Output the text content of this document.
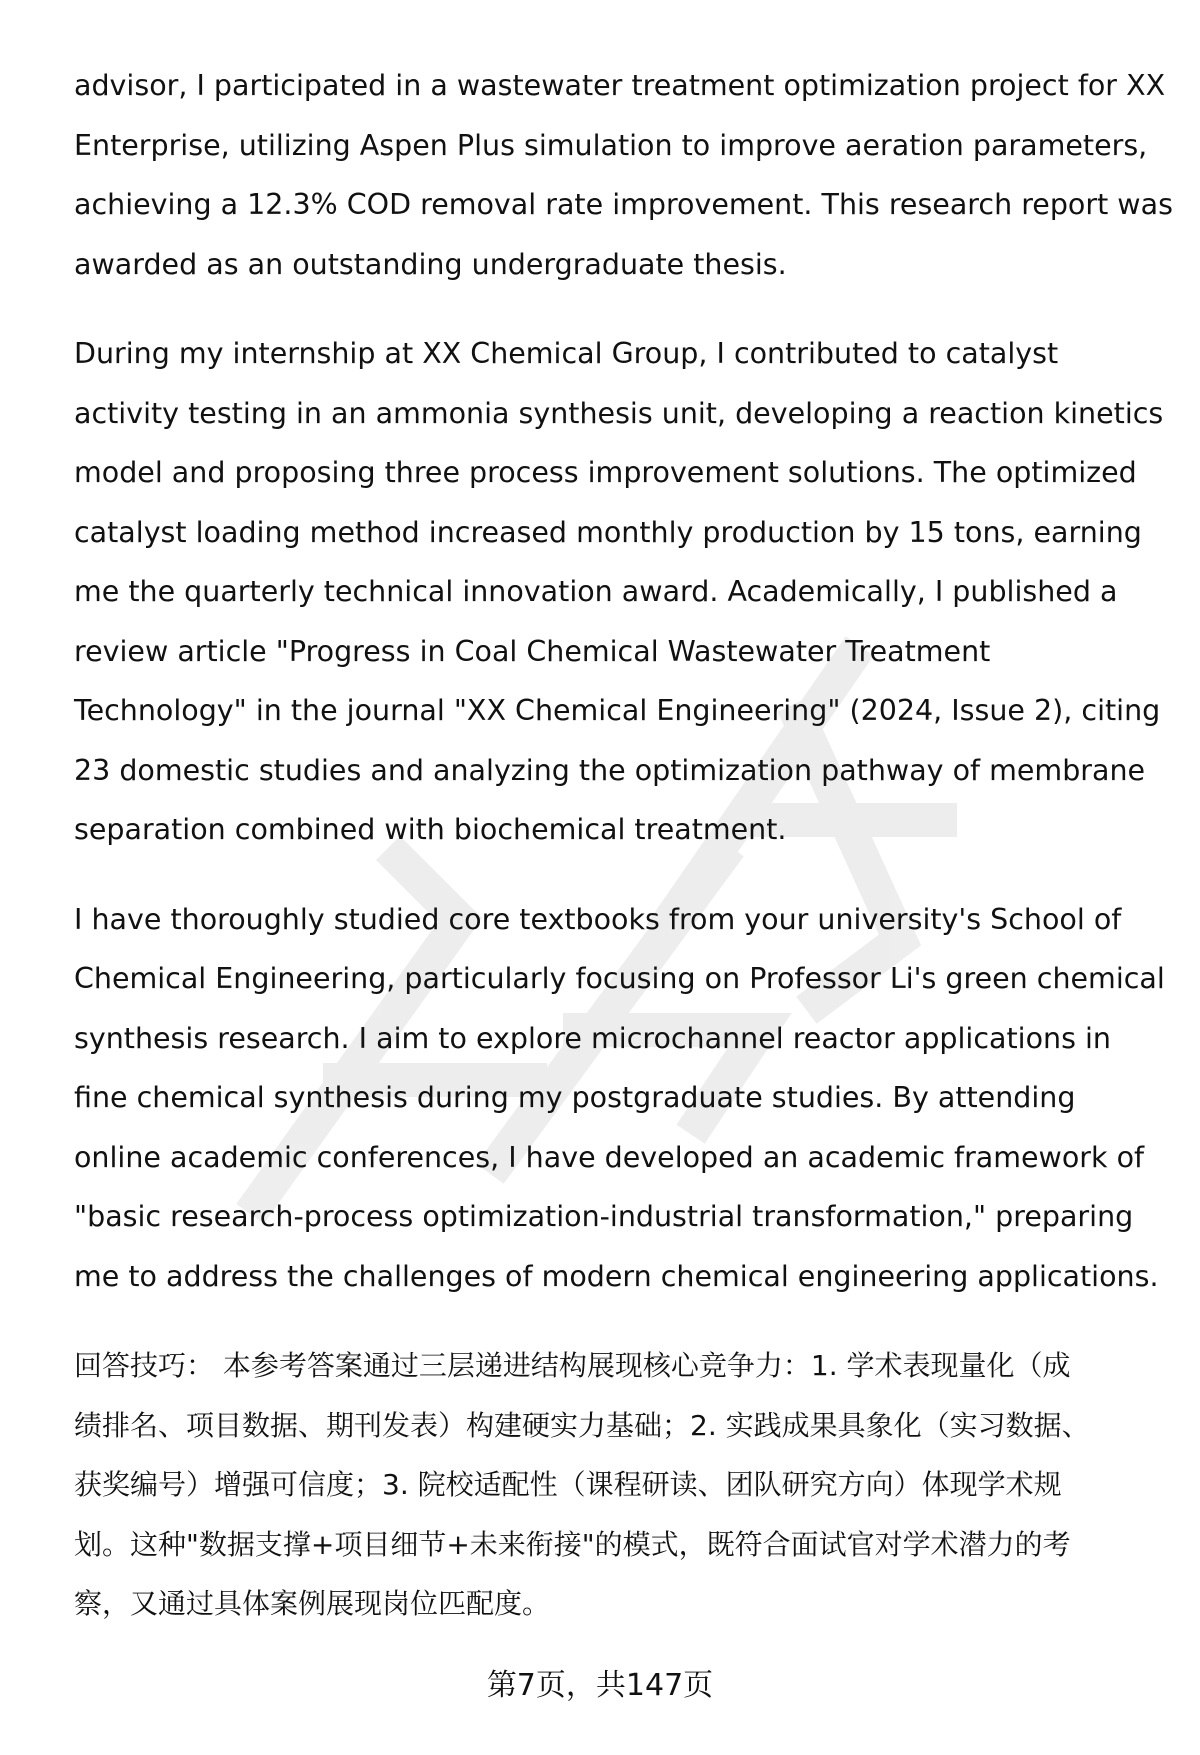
advisor, I participated in a wastewater treatment optimization project for XX
Enterprise, utilizing Aspen Plus simulation to improve aeration parameters,
achieving a 12.3% COD removal rate improvement. This research report was
awarded as an outstanding undergraduate thesis.

During my internship at XX Chemical Group, I contributed to catalyst
activity testing in an ammonia synthesis unit, developing a reaction kinetics
model and proposing three process improvement solutions. The optimized
catalyst loading method increased monthly production by 15 tons, earning
me the quarterly technical innovation award. Academically, I published a
review article "Progress in Coal Chemical Wastewater Treatment
Technology" in the journal "XX Chemical Engineering" (2024, Issue 2), citing
23 domestic studies and analyzing the optimization pathway of membrane
separation combined with biochemical treatment.

I have thoroughly studied core textbooks from your university's School of
Chemical Engineering, particularly focusing on Professor Li's green chemical
synthesis research. I aim to explore microchannel reactor applications in
fine chemical synthesis during my postgraduate studies. By attending
online academic conferences, I have developed an academic framework of
"basic research-process optimization-industrial transformation," preparing
me to address the challenges of modern chemical engineering applications.

回答技巧： 本参考答案通过三层递进结构展现核心竞争力：1. 学术表现量化（成
绩排名、项目数据、期刊发表）构建硬实力基础；2. 实践成果具象化（实习数据、
获奖编号）增强可信度；3. 院校适配性（课程研读、团队研究方向）体现学术规
划。这种"数据支撑+项目细节+未来衔接"的模式，既符合面试官对学术潜力的考
察，又通过具体案例展现岗位匹配度。
第7页，共147页
